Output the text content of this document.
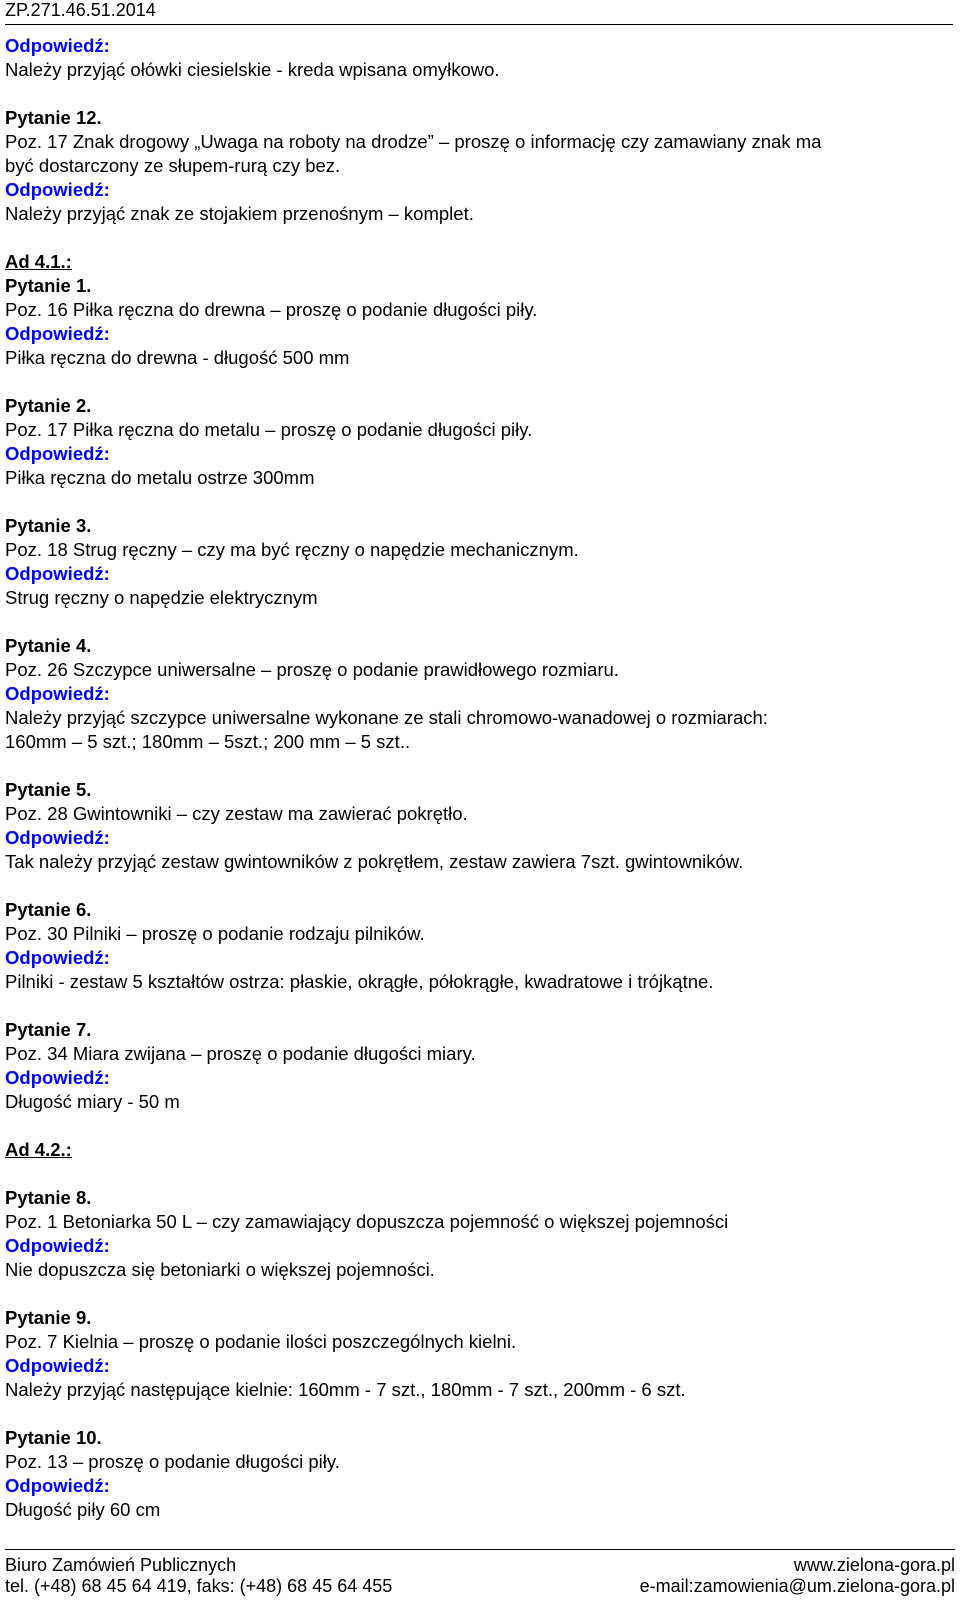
ZP.271.46.51.2014
Odpowiedź:
Należy przyjąć ołówki ciesielskie - kreda wpisana omyłkowo.
Pytanie 12.
Poz. 17 Znak drogowy „Uwaga na roboty na drodze” – proszę o informację czy zamawiany znak ma
być dostarczony ze słupem-rurą czy bez.
Odpowiedź:
Należy przyjąć znak ze stojakiem przenośnym – komplet.
Ad 4.1.:
Pytanie 1.
Poz. 16 Piłka ręczna do drewna – proszę o podanie długości piły.
Odpowiedź:
Piłka ręczna do drewna - długość 500 mm
Pytanie 2.
Poz. 17 Piłka ręczna do metalu – proszę o podanie długości piły.
Odpowiedź:
Piłka ręczna do metalu ostrze 300mm
Pytanie 3.
Poz. 18 Strug ręczny – czy ma być ręczny o napędzie mechanicznym.
Odpowiedź:
Strug ręczny o napędzie elektrycznym
Pytanie 4.
Poz. 26 Szczypce uniwersalne – proszę o podanie prawidłowego rozmiaru.
Odpowiedź:
Należy przyjąć szczypce uniwersalne wykonane ze stali chromowo-wanadowej o rozmiarach:
160mm – 5 szt.; 180mm – 5szt.; 200 mm – 5 szt..
Pytanie 5.
Poz. 28 Gwintowniki – czy zestaw ma zawierać pokrętło.
Odpowiedź:
Tak należy przyjąć zestaw gwintowników z pokrętłem, zestaw zawiera 7szt. gwintowników.
Pytanie 6.
Poz. 30 Pilniki – proszę o podanie rodzaju pilników.
Odpowiedź:
Pilniki - zestaw 5 kształtów ostrza: płaskie, okrągłe, półokrągłe, kwadratowe i trójkątne.
Pytanie 7.
Poz. 34 Miara zwijana – proszę o podanie długości miary.
Odpowiedź:
Długość miary - 50 m
Ad 4.2.:
Pytanie 8.
Poz. 1 Betoniarka 50 L – czy zamawiający dopuszcza pojemność o większej pojemności
Odpowiedź:
Nie dopuszcza się betoniarki o większej pojemności.
Pytanie 9.
Poz. 7 Kielnia – proszę o podanie ilości poszczególnych kielni.
Odpowiedź:
Należy przyjąć następujące kielnie: 160mm - 7 szt., 180mm - 7 szt., 200mm - 6 szt.
Pytanie 10.
Poz. 13 – proszę o podanie długości piły.
Odpowiedź:
Długość piły 60 cm
Biuro Zamówień Publicznych	www.zielona-gora.pl
tel. (+48) 68 45 64 419, faks: (+48) 68 45 64 455	e-mail:zamowienia@um.zielona-gora.pl
